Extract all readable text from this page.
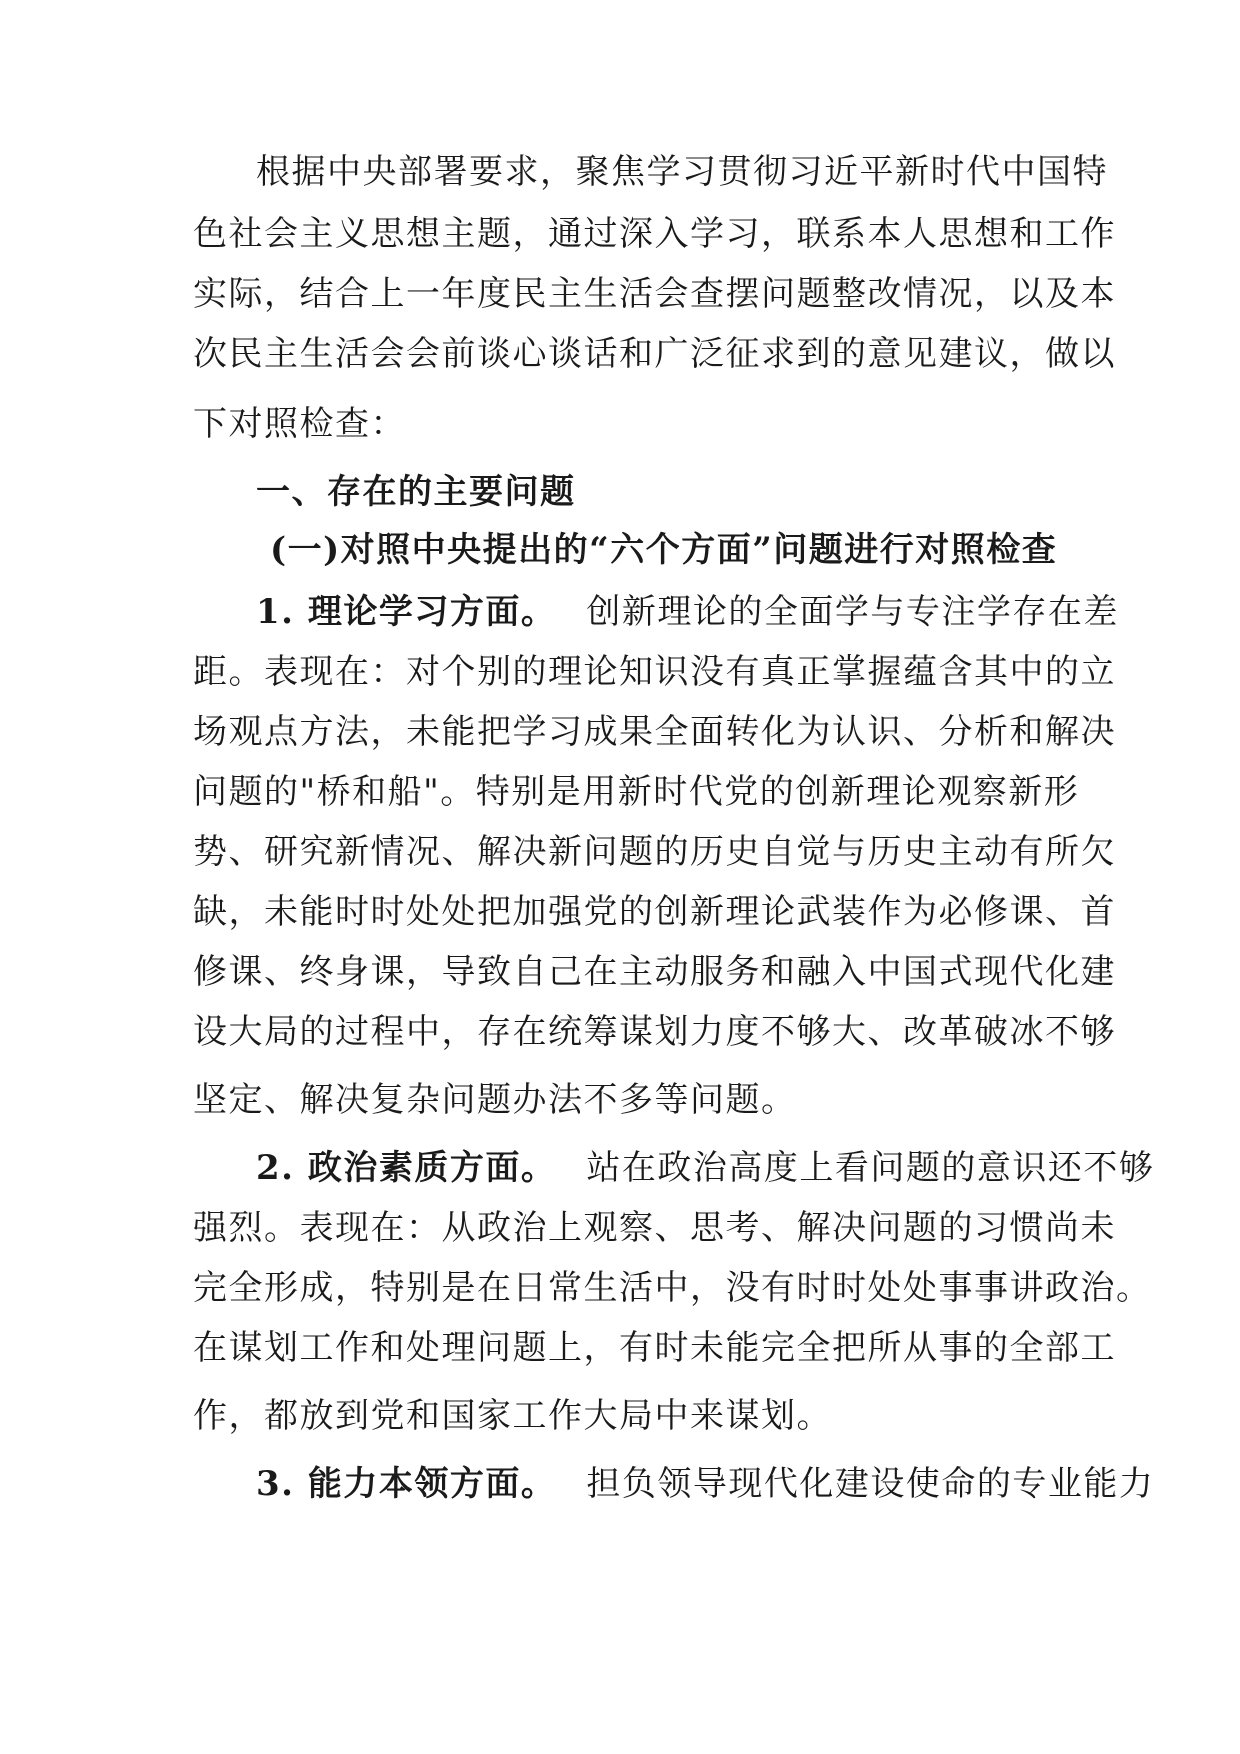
根据中央部署要求，聚焦学习贯彻习近平新时代中国特
色社会主义思想主题，通过深入学习，联系本人思想和工作
实际，结合上一年度民主生活会查摆问题整改情况，以及本
次民主生活会会前谈心谈话和广泛征求到的意见建议，做以
下对照检查：
一、存在的主要问题
(一)对照中央提出的“六个方面”问题进行对照检查
1. 理论学习方面。 创新理论的全面学与专注学存在差
距。表现在：对个别的理论知识没有真正掌握蕴含其中的立
场观点方法，未能把学习成果全面转化为认识、分析和解决
问题的"桥和船"。特别是用新时代党的创新理论观察新形
势、研究新情况、解决新问题的历史自觉与历史主动有所欠
缺，未能时时处处把加强党的创新理论武装作为必修课、首
修课、终身课，导致自己在主动服务和融入中国式现代化建
设大局的过程中，存在统筹谋划力度不够大、改革破冰不够
坚定、解决复杂问题办法不多等问题。
2. 政治素质方面。 站在政治高度上看问题的意识还不够
强烈。表现在：从政治上观察、思考、解决问题的习惯尚未
完全形成，特别是在日常生活中，没有时时处处事事讲政治。
在谋划工作和处理问题上，有时未能完全把所从事的全部工
作，都放到党和国家工作大局中来谋划。
3. 能力本领方面。 担负领导现代化建设使命的专业能力
